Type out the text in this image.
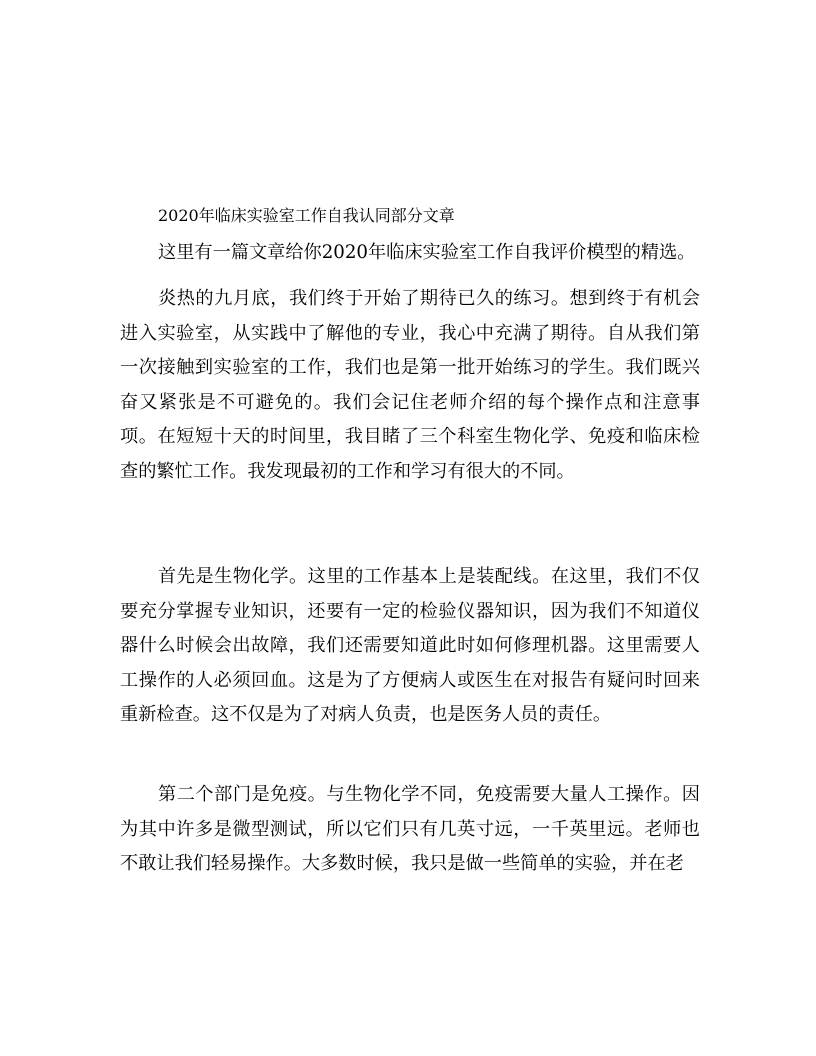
2020年临床实验室工作自我认同部分文章

这里有一篇文章给你2020年临床实验室工作自我评价模型的精选。

炎热的九月底，我们终于开始了期待已久的练习。想到终于有机会进入实验室，从实践中了解他的专业，我心中充满了期待。自从我们第一次接触到实验室的工作，我们也是第一批开始练习的学生。我们既兴奋又紧张是不可避免的。我们会记住老师介绍的每个操作点和注意事项。在短短十天的时间里，我目睹了三个科室生物化学、免疫和临床检查的繁忙工作。我发现最初的工作和学习有很大的不同。

首先是生物化学。这里的工作基本上是装配线。在这里，我们不仅要充分掌握专业知识，还要有一定的检验仪器知识，因为我们不知道仪器什么时候会出故障，我们还需要知道此时如何修理机器。这里需要人工操作的人必须回血。这是为了方便病人或医生在对报告有疑问时回来重新检查。这不仅是为了对病人负责，也是医务人员的责任。

第二个部门是免疫。与生物化学不同，免疫需要大量人工操作。因为其中许多是微型测试，所以它们只有几英寸远，一千英里远。老师也不敢让我们轻易操作。大多数时候，我只是做一些简单的实验，并在老
